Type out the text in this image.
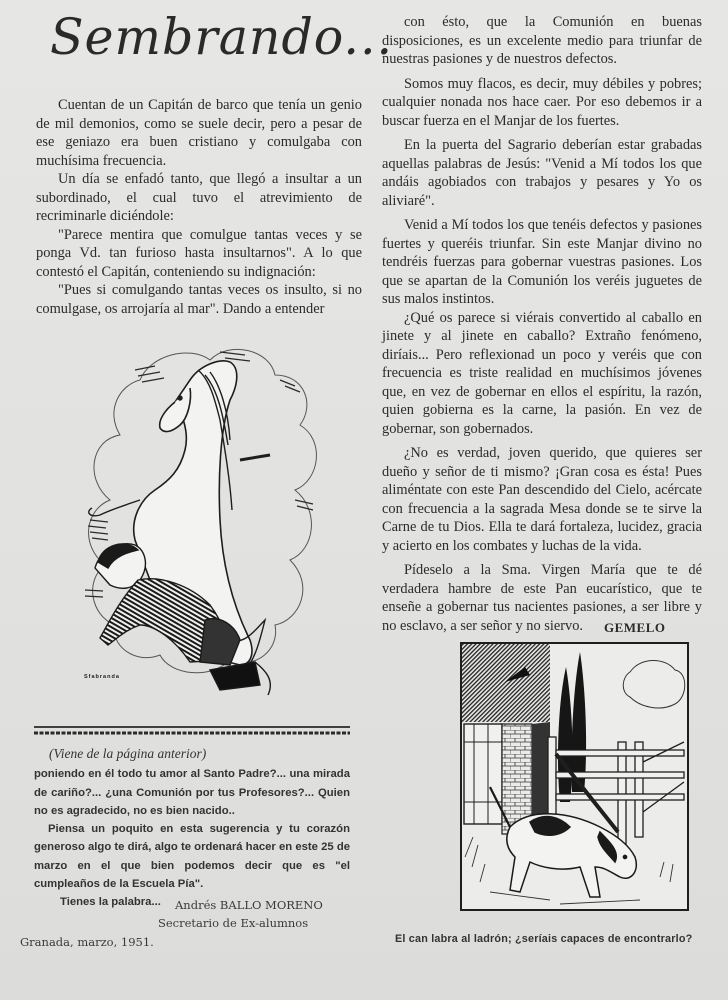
Sembrando...

Cuentan de un Capitán de barco que tenía un genio de mil demonios, como se suele decir, pero a pesar de ese geniazo era buen cristiano y comulgaba con muchísima frecuencia.

Un día se enfadó tanto, que llegó a insultar a un subordinado, el cual tuvo el atrevimiento de recriminarle diciéndole:

"Parece mentira que comulgue tantas veces y se ponga Vd. tan furioso hasta insultarnos". A lo que contestó el Capitán, conteniendo su indignación:

"Pues si comulgando tantas veces os insulto, si no comulgase, os arrojaría al mar". Dando a entender

con ésto, que la Comunión en buenas disposiciones, es un excelente medio para triunfar de nuestras pasiones y de nuestros defectos.

Somos muy flacos, es decir, muy débiles y pobres; cualquier nonada nos hace caer. Por eso debemos ir a buscar fuerza en el Manjar de los fuertes.

En la puerta del Sagrario deberían estar grabadas aquellas palabras de Jesús: "Venid a Mí todos los que andáis agobiados con trabajos y pesares y Yo os aliviaré".

Venid a Mí todos los que tenéis defectos y pasiones fuertes y queréis triunfar. Sin este Manjar divino no tendréis fuerzas para gobernar vuestras pasiones. Los que se apartan de la Comunión los veréis juguetes de sus malos instintos.

¿Qué os parece si viérais convertido al caballo en jinete y al jinete en caballo? Extraño fenómeno, diríais... Pero reflexionad un poco y veréis que con frecuencia es triste realidad en muchísimos jóvenes que, en vez de gobernar en ellos el espíritu, la razón, quien gobierna es la carne, la pasión. En vez de gobernar, son gobernados.

¿No es verdad, joven querido, que quieres ser dueño y señor de ti mismo? ¡Gran cosa es ésta! Pues aliméntate con este Pan descendido del Cielo, acércate con frecuencia a la sagrada Mesa donde se te sirve la Carne de tu Dios. Ella te dará fortaleza, lucidez, gracia y acierto en los combates y luchas de la vida.

Pídeselo a la Sma. Virgen María que te dé verdadera hambre de este Pan eucarístico, que te enseñe a gobernar tus nacientes pasiones, a ser libre y no esclavo, a ser señor y no siervo.	GEMELO
Sfabranda

(Viene de la página anterior)

poniendo en él todo tu amor al Santo Padre?... una mirada de cariño?... ¿una Comunión por tus Profesores?... Quien no es agradecido, no es bien nacido..

Piensa un poquito en esta sugerencia y tu corazón generoso algo te dirá, algo te ordenará hacer en este 25 de marzo en el que bien podemos decir que es "el cumpleaños de la Escuela Pía".

Tienes la palabra...	Andrés BALLO MORENO
Secretario de Ex-alumnos
Granada, marzo, 1951.	El can labra al ladrón; ¿seríais capaces de encontrarlo?
